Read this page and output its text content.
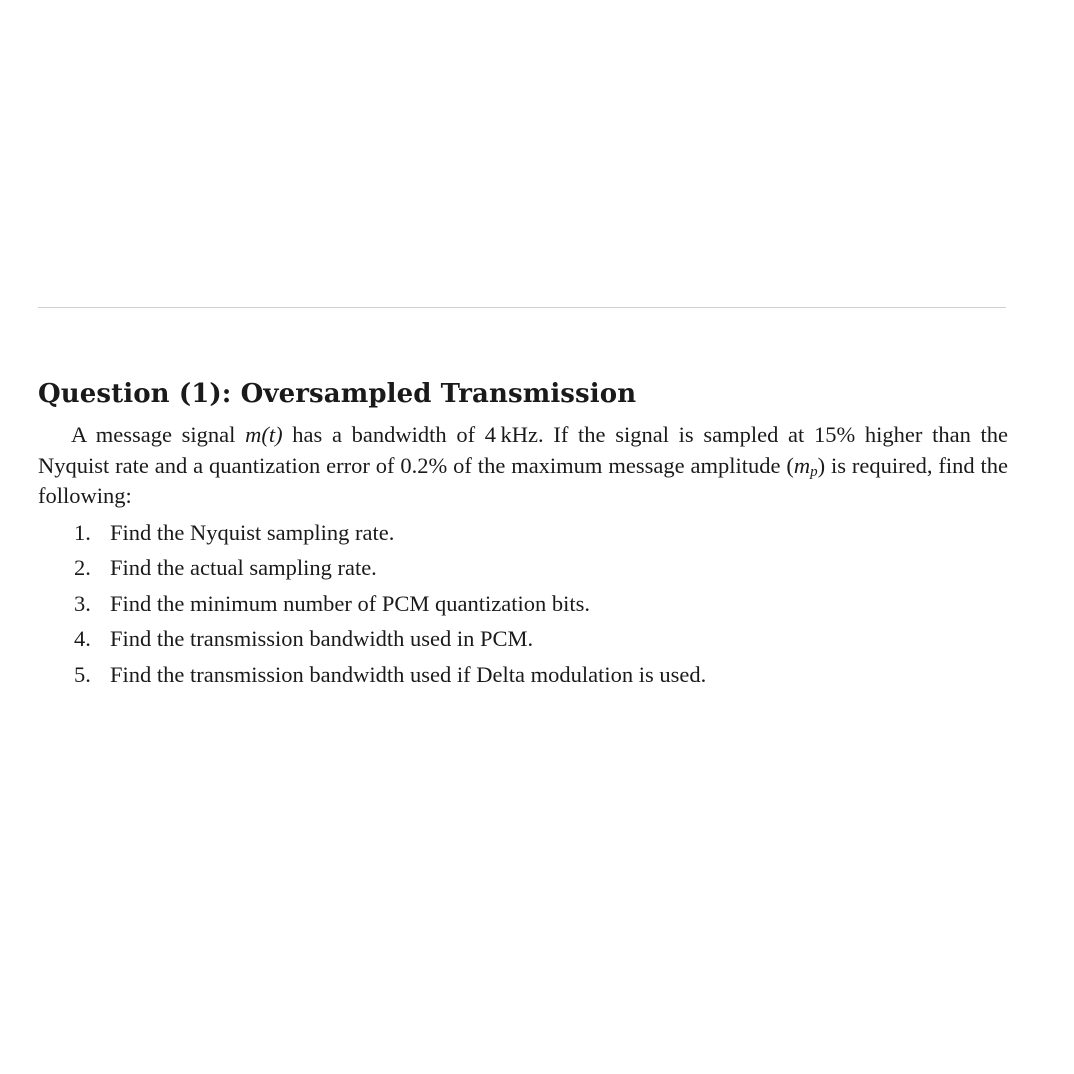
Question (1): Oversampled Transmission

A message signal m(t) has a bandwidth of 4 kHz. If the signal is sampled at 15% higher than the Nyquist rate and a quantization error of 0.2% of the maximum message amplitude $(m_p)$ is required, find the following:

1. Find the Nyquist sampling rate.
2. Find the actual sampling rate.
3. Find the minimum number of PCM quantization bits.
4. Find the transmission bandwidth used in PCM.
5. Find the transmission bandwidth used if Delta modulation is used.
